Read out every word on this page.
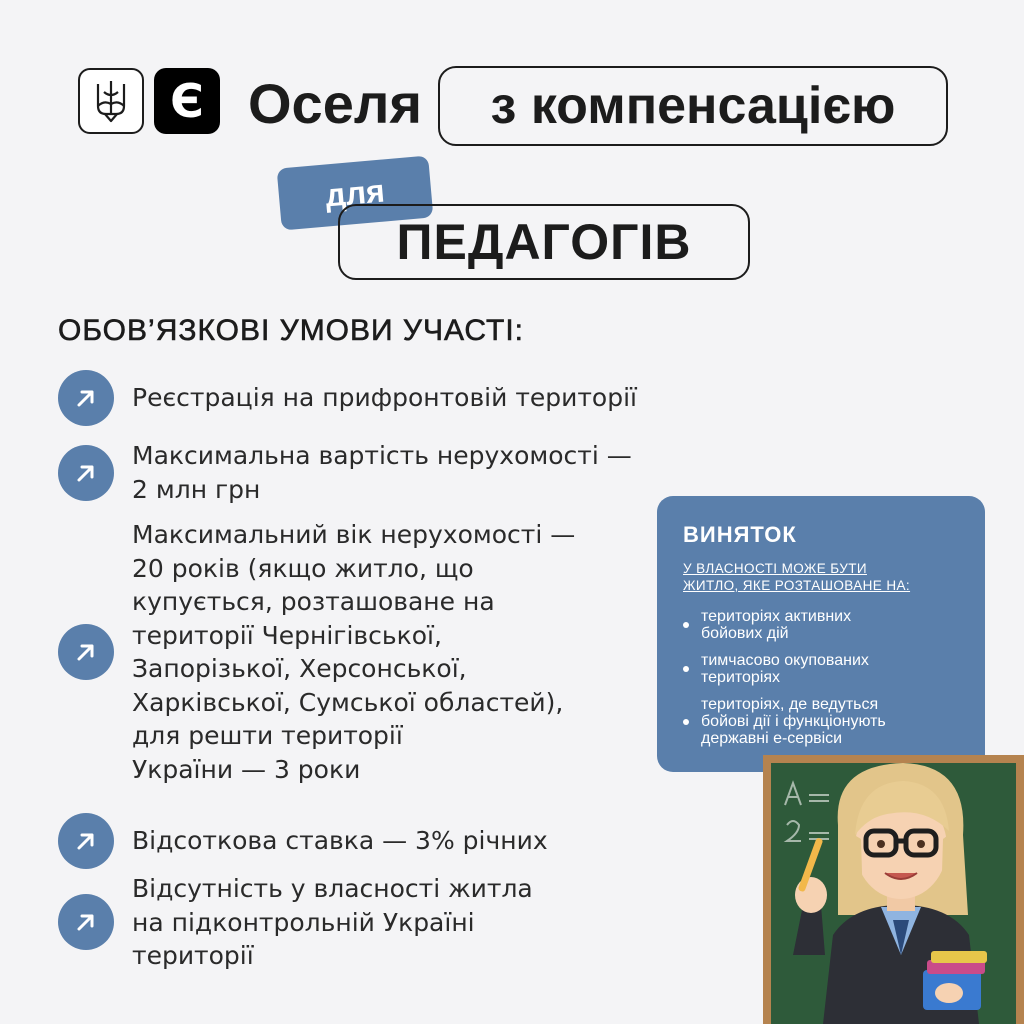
Є Оселя	з компенсацією
для
ПЕДАГОГІВ
ОБОВ’ЯЗКОВІ УМОВИ УЧАСТІ:
Реєстрація на прифронтовій території
Максимальна вартість нерухомості —
2 млн грн
Максимальний вік нерухомості —
20 років (якщо житло, що
купується, розташоване на
території Чернігівської,
Запорізької, Херсонської,
Харківської, Сумської областей),
для решти території
України — 3 роки
Відсоткова ставка — 3% річних
Відсутність у власності житла
на підконтрольній Україні
території
ВИНЯТОК
У ВЛАСНОСТІ МОЖЕ БУТИ
ЖИТЛО, ЯКЕ РОЗТАШОВАНЕ НА:
територіях активних
бойових дій
тимчасово окупованих
територіях
територіях, де ведуться
бойові дії і функціонують
державні е-сервіси
